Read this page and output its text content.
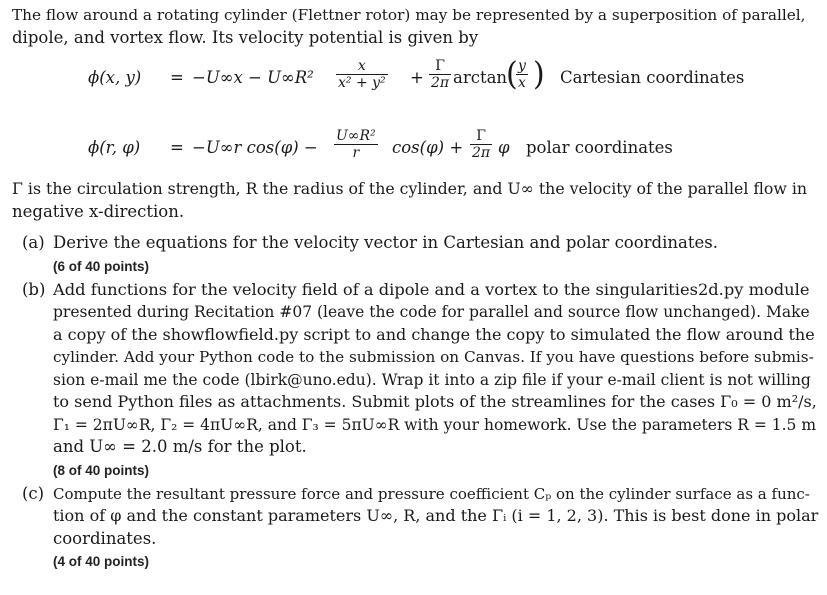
The flow around a rotating cylinder (Flettner rotor) may be represented by a superposition of parallel,

dipole, and vortex flow. Its velocity potential is given by

ϕ(x, $y) = -U\infty x - U\infty R^2 \frac{x}{\text{x² + y²}} + \frac{\Gamma}{2\pi}$ arctan
(
$\frac{y}{x}$ ) Cartesian coordinates
ϕ(r, φ) = −U∞r $\cos(\varphi) - \frac{\text{U∞R²}}{r} \cos(\varphi) + \frac{\Gamma}{2\pi}$ φ polar coordinates

Γ is the circulation strength, R the radius of the cylinder, and U∞ the velocity of the parallel flow in

negative x-direction.

(a) Derive the equations for the velocity vector in Cartesian and polar coordinates.
(6 of 40 points)
(b) Add functions for the velocity field of a dipole and a vortex to the singularities2d.py module
presented during Recitation #07 (leave the code for parallel and source flow unchanged). Make
a copy of the showflowfield.py script to and change the copy to simulated the flow around the
cylinder. Add your Python code to the submission on Canvas. If you have questions before submis-
sion e-mail me the code (lbirk@uno.edu). Wrap it into a zip file if your e-mail client is not willing
to send Python files as attachments. Submit plots of the streamlines for the cases Γ₀ = 0 m²/s,
Γ₁ = 2πU∞R, Γ₂ = 4πU∞R, and Γ₃ = 5πU∞R with your homework. Use the parameters R = 1.5 m
and U∞ = 2.0 m/s for the plot.
(8 of 40 points)
(c) Compute the resultant pressure force and pressure coefficient Cₚ on the cylinder surface as a func-
tion of φ and the constant parameters U∞, R, and the Γᵢ (i = 1, 2, 3). This is best done in polar
coordinates.
(4 of 40 points)
